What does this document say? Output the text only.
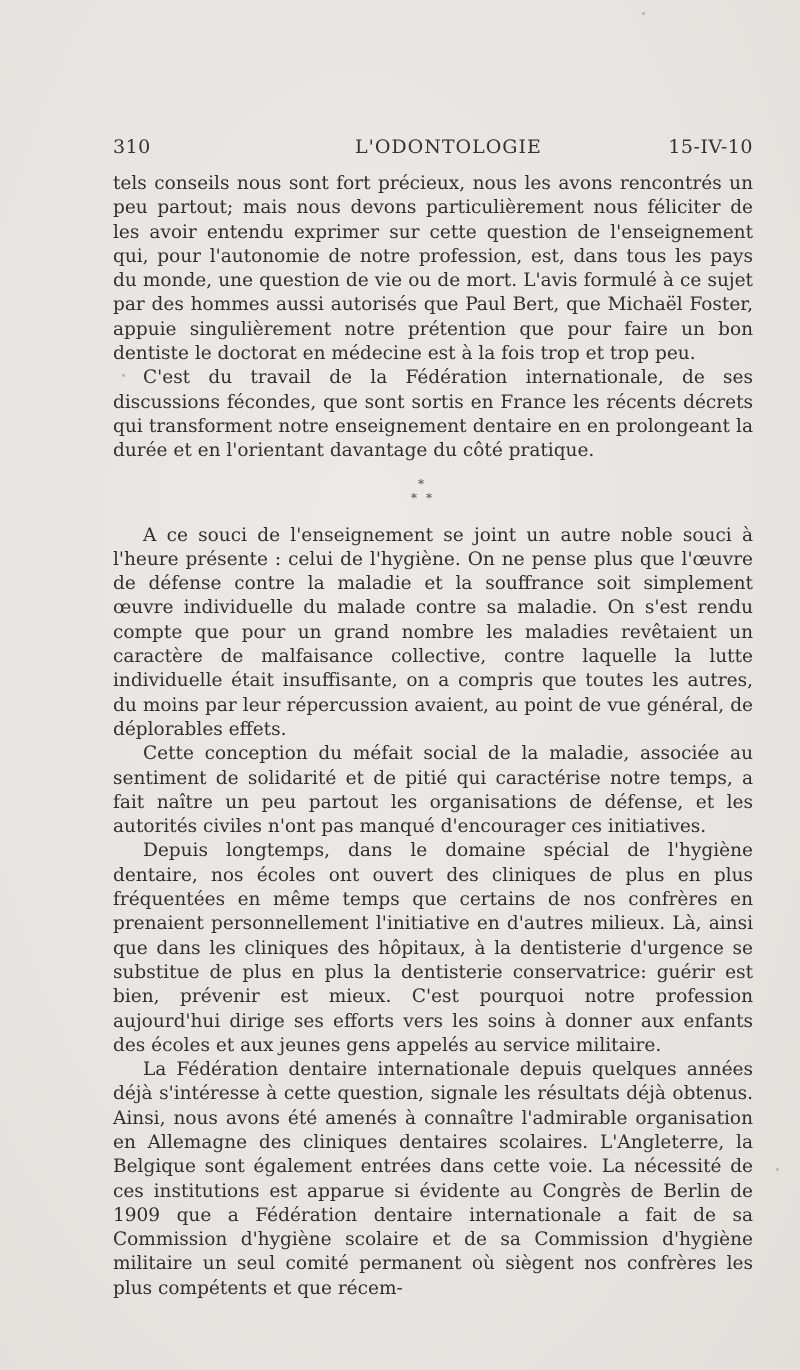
310	L'ODONTOLOGIE	15-IV-10

tels conseils nous sont fort précieux, nous les avons rencontrés un peu partout; mais nous devons particulièrement nous féliciter de les avoir entendu exprimer sur cette question de l'enseignement qui, pour l'autonomie de notre profession, est, dans tous les pays du monde, une question de vie ou de mort. L'avis formulé à ce sujet par des hommes aussi autorisés que Paul Bert, que Michaël Foster, appuie singulièrement notre prétention que pour faire un bon dentiste le doctorat en médecine est à la fois trop et trop peu.

C'est du travail de la Fédération internationale, de ses discussions fécondes, que sont sortis en France les récents décrets qui transforment notre enseignement dentaire en en prolongeant la durée et en l'orientant davantage du côté pratique.

*
* *

A ce souci de l'enseignement se joint un autre noble souci à l'heure présente : celui de l'hygiène. On ne pense plus que l'œuvre de défense contre la maladie et la souffrance soit simplement œuvre individuelle du malade contre sa maladie. On s'est rendu compte que pour un grand nombre les maladies revêtaient un caractère de malfaisance collective, contre laquelle la lutte individuelle était insuffisante, on a compris que toutes les autres, du moins par leur répercussion avaient, au point de vue général, de déplorables effets.

Cette conception du méfait social de la maladie, associée au sentiment de solidarité et de pitié qui caractérise notre temps, a fait naître un peu partout les organisations de défense, et les autorités civiles n'ont pas manqué d'encourager ces initiatives.

Depuis longtemps, dans le domaine spécial de l'hygiène dentaire, nos écoles ont ouvert des cliniques de plus en plus fréquentées en même temps que certains de nos confrères en prenaient personnellement l'initiative en d'autres milieux. Là, ainsi que dans les cliniques des hôpitaux, à la dentisterie d'urgence se substitue de plus en plus la dentisterie conservatrice: guérir est bien, prévenir est mieux. C'est pourquoi notre profession aujourd'hui dirige ses efforts vers les soins à donner aux enfants des écoles et aux jeunes gens appelés au service militaire.

La Fédération dentaire internationale depuis quelques années déjà s'intéresse à cette question, signale les résultats déjà obtenus. Ainsi, nous avons été amenés à connaître l'admirable organisation en Allemagne des cliniques dentaires scolaires. L'Angleterre, la Belgique sont également entrées dans cette voie. La nécessité de ces institutions est apparue si évidente au Congrès de Berlin de 1909 que a Fédération dentaire internationale a fait de sa Commission d'hygiène scolaire et de sa Commission d'hygiène militaire un seul comité permanent où siègent nos confrères les plus compétents et que récem-
